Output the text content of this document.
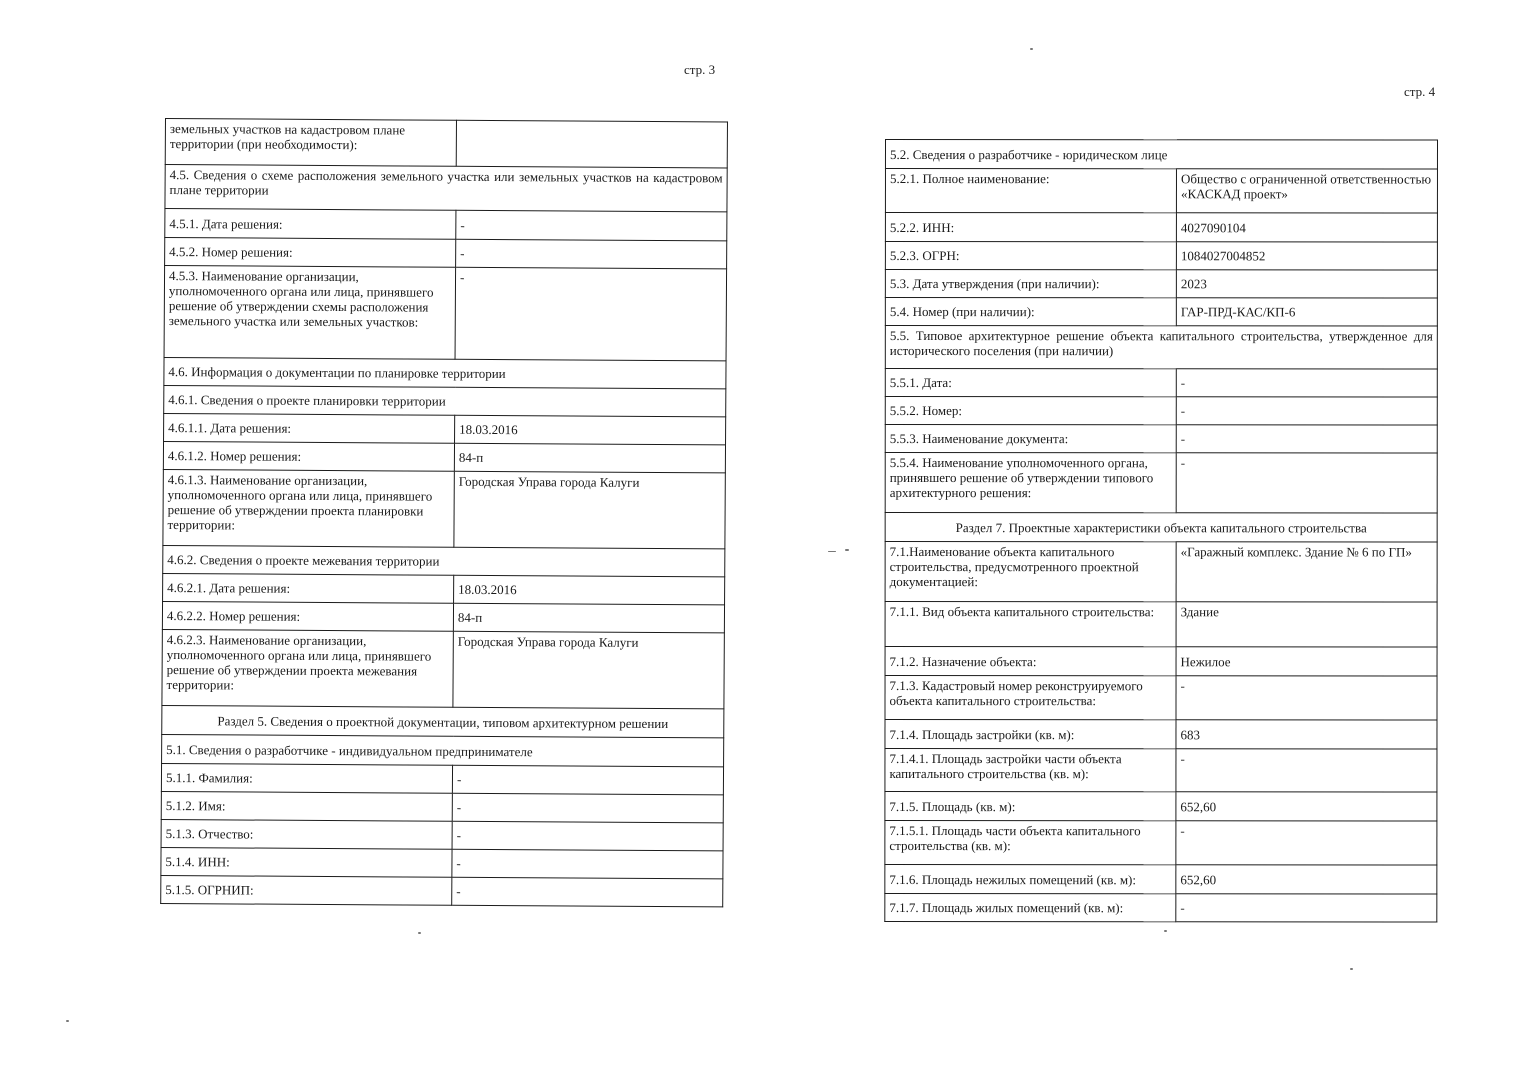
стр. 3
стр. 4
земельных участков на кадастровом плане территории (при необходимости):	
4.5. Сведения о схеме расположения земельного участка или земельных участков на кадастровом плане территории	
4.5.1. Дата решения:	-
4.5.2. Номер решения:	-
4.5.3. Наименование организации, уполномоченного органа или лица, принявшего решение об утверждении схемы расположения земельного участка или земельных участков:	-
4.6. Информация о документации по планировке территории	
4.6.1. Сведения о проекте планировки территории	
4.6.1.1. Дата решения:	18.03.2016
4.6.1.2. Номер решения:	84-п
4.6.1.3. Наименование организации, уполномоченного органа или лица, принявшего решение об утверждении проекта планировки территории:	Городская Управа города Калуги
4.6.2. Сведения о проекте межевания территории	
4.6.2.1. Дата решения:	18.03.2016
4.6.2.2. Номер решения:	84-п
4.6.2.3. Наименование организации, уполномоченного органа или лица, принявшего решение об утверждении проекта межевания территории:	Городская Управа города Калуги
Раздел 5. Сведения о проектной документации, типовом архитектурном решении	
5.1. Сведения о разработчике - индивидуальном предпринимателе	
5.1.1. Фамилия:	-
5.1.2. Имя:	-
5.1.3. Отчество:	-
5.1.4. ИНН:	-
5.1.5. ОГРНИП:	-
5.2. Сведения о разработчике - юридическом лице	
5.2.1. Полное наименование:	Общество с ограниченной ответственностью «КАСКАД проект»
5.2.2. ИНН:	4027090104
5.2.3. ОГРН:	1084027004852
5.3. Дата утверждения (при наличии):	2023
5.4. Номер (при наличии):	ГАР-ПРД-КАС/КП-6
5.5. Типовое архитектурное решение объекта капитального строительства, утвержденное для исторического поселения (при наличии)	
5.5.1. Дата:	-
5.5.2. Номер:	-
5.5.3. Наименование документа:	-
5.5.4. Наименование уполномоченного органа, принявшего решение об утверждении типового архитектурного решения:	-
Раздел 7. Проектные характеристики объекта капитального строительства	
7.1.Наименование объекта капитального строительства, предусмотренного проектной документацией:	«Гаражный комплекс. Здание № 6 по ГП»
7.1.1. Вид объекта капитального строительства:	Здание
7.1.2. Назначение объекта:	Нежилое
7.1.3. Кадастровый номер реконструируемого объекта капитального строительства:	-
7.1.4. Площадь застройки (кв. м):	683
7.1.4.1. Площадь застройки части объекта капитального строительства (кв. м):	-
7.1.5. Площадь (кв. м):	652,60
7.1.5.1. Площадь части объекта капитального строительства (кв. м):	-
7.1.6. Площадь нежилых помещений (кв. м):	652,60
7.1.7. Площадь жилых помещений (кв. м):	-
